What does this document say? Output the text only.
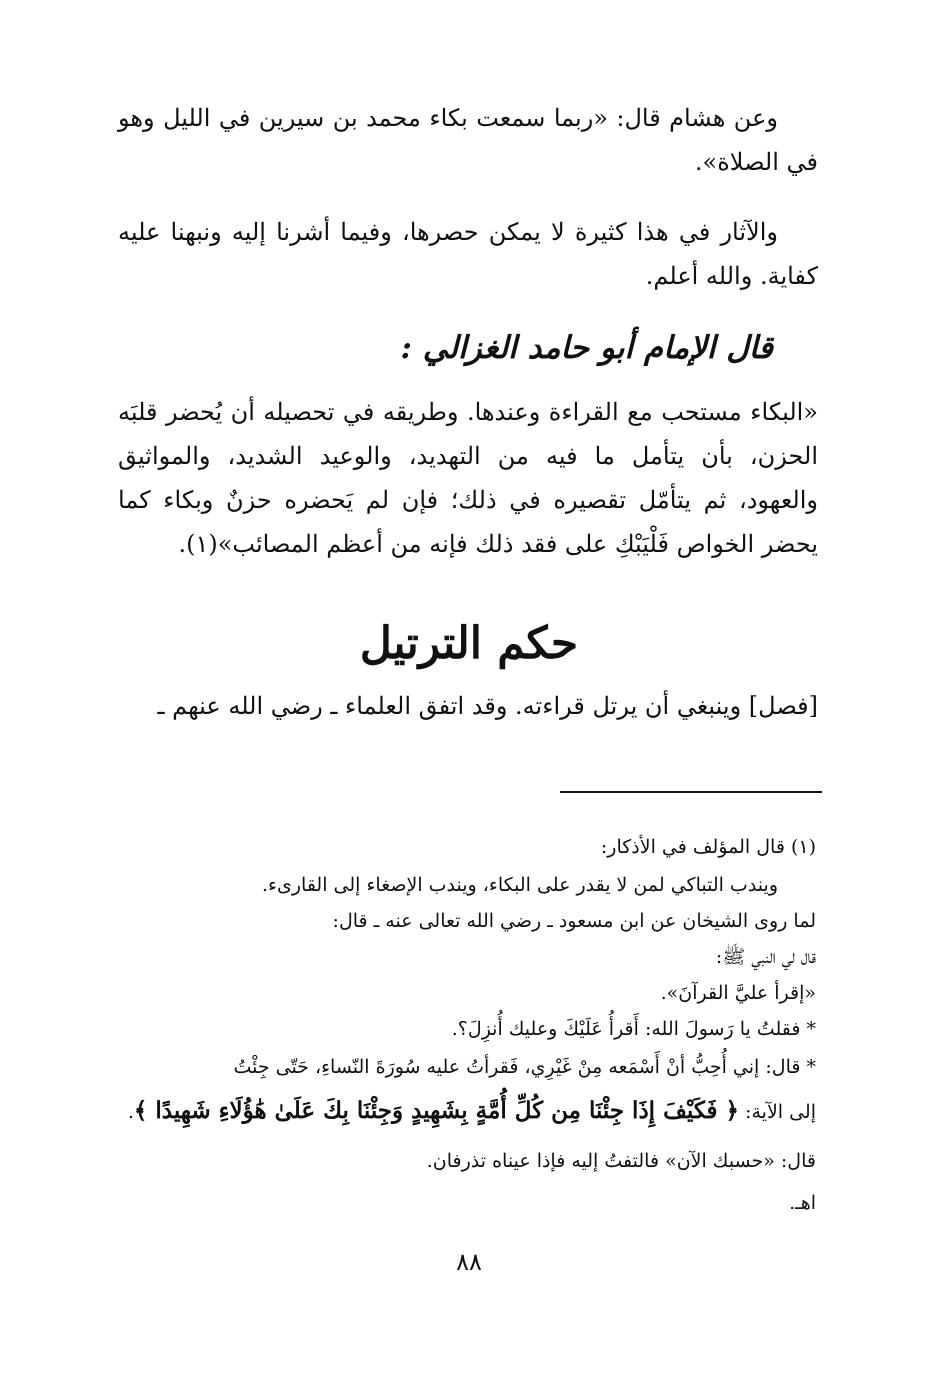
وعن هشام قال: «ربما سمعت بكاء محمد بن سيرين في الليل وهو في الصلاة».

والآثار في هذا كثيرة لا يمكن حصرها، وفيما أشرنا إليه ونبهنا عليه كفاية. والله أعلم.

قال الإمام أبو حامد الغزالي :

«البكاء مستحب مع القراءة وعندها. وطريقه في تحصيله أن يُحضر قلبَه الحزن، بأن يتأمل ما فيه من التهديد، والوعيد الشديد، والمواثيق والعهود، ثم يتأمّل تقصيره في ذلك؛ فإن لم يَحضره حزنٌ وبكاء كما يحضر الخواص فَلْيَبْكِ على فقد ذلك فإنه من أعظم المصائب»(١).

حكم الترتيل

[فصل] وينبغي أن يرتل قراءته. وقد اتفق العلماء ـ رضي الله عنهم ـ

(١) قال المؤلف في الأذكار:

ويندب التباكي لمن لا يقدر على البكاء، ويندب الإصغاء إلى القارىء.

لما روى الشيخان عن ابن مسعود ـ رضي الله تعالى عنه ـ قال:

قال لي النبي ﷺ:

«إقرأ عليَّ القرآنَ».

* فقلتُ يا رَسولَ الله: أَقرأُ عَلَيْكَ وعليك أُنزِلَ؟.

* قال: إني أُحِبُّ أنْ أَسْمَعه مِنْ غَيْرِي، فَقرأتُ عليه سُورَةَ النّساءِ، حَتّى جِئْتُ

إلى الآية: ﴿ فَكَيْفَ إِذَا جِئْنَا مِن كُلِّ أُمَّةٍ بِشَهِيدٍ وَجِئْنَا بِكَ عَلَىٰ هَٰؤُلَاءِ شَهِيدًا ﴾.

قال: «حسبك الآن» فالتفتُ إليه فإذا عيناه تذرفان.

اهـ.

٨٨
